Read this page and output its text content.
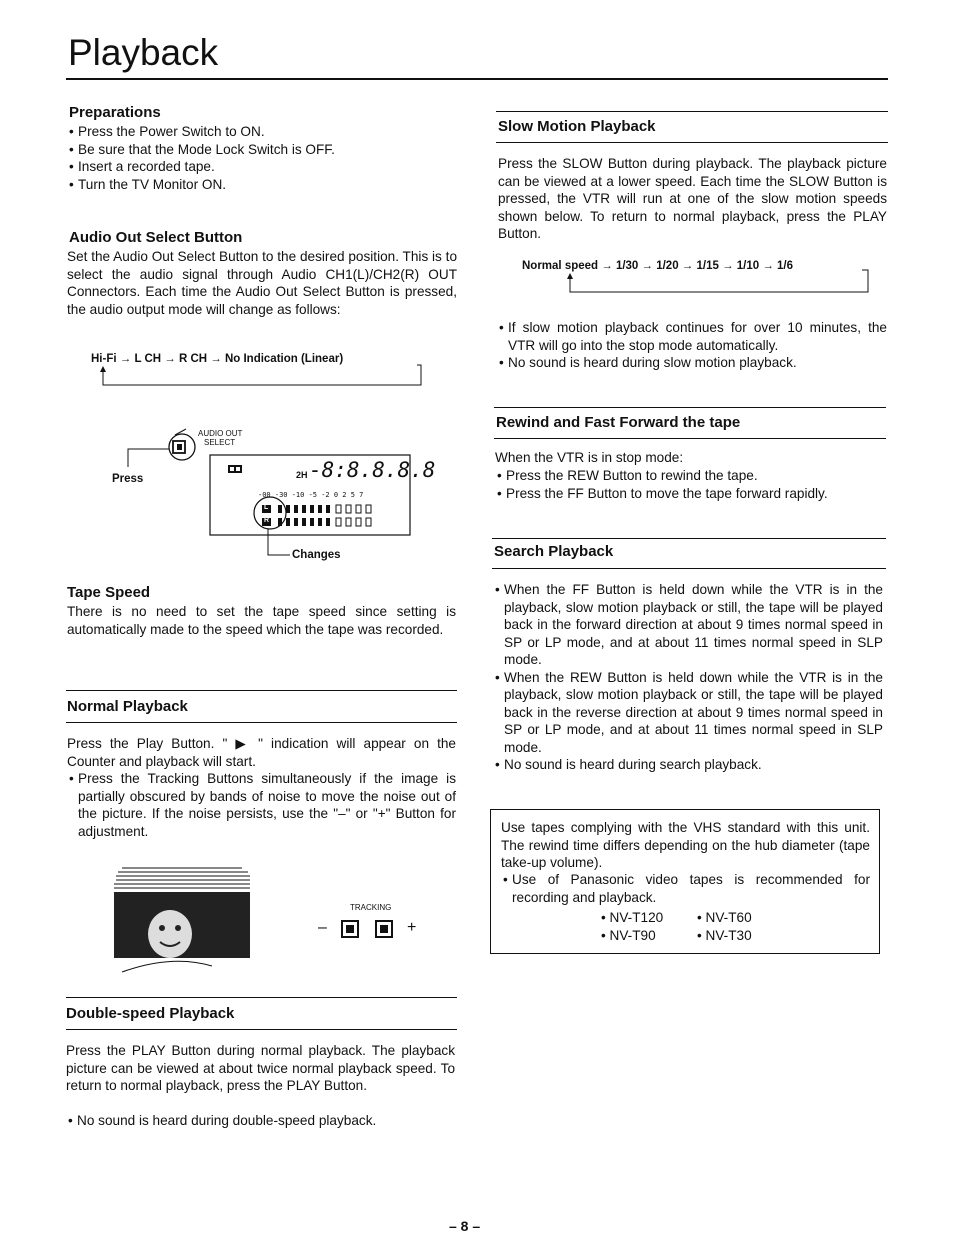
Playback
Preparations

• Press the Power Switch to ON.

• Be sure that the Mode Lock Switch is OFF.

• Insert a recorded tape.

• Turn the TV Monitor ON.

Audio Out Select Button
Set the Audio Out Select Button to the desired position. This is to select the audio signal through Audio CH1(L)/CH2(R) OUT Connectors. Each time the Audio Out Select Button is pressed, the audio output mode will change as follows:
Hi-Fi → L CH → R CH → No Indication (Linear)
AUDIO OUT
SELECT
Press	2H -8:8.8.8.8
-00 -30 -10 -5 -2 0 2 5 7
L
R
Changes
Tape Speed
There is no need to set the tape speed since setting is automatically made to the speed which the tape was recorded.
Normal Playback
Press the Play Button. " ▶ " indication will appear on the Counter and playback will start.

• Press the Tracking Buttons simultaneously if the image is partially obscured by bands of noise to move the noise out of the picture. If the noise persists, use the "–" or "+" Button for adjustment.

TRACKING
–	+
Double-speed Playback
Press the PLAY Button during normal playback. The playback picture can be viewed at about twice normal playback speed. To return to normal playback, press the PLAY Button.

• No sound is heard during double-speed playback.

Slow Motion Playback
Press the SLOW Button during playback. The playback picture can be viewed at a lower speed. Each time the SLOW Button is pressed, the VTR will run at one of the slow motion speeds shown below. To return to normal playback, press the PLAY Button.
Normal speed → 1/30 → 1/20 → 1/15 → 1/10 → 1/6

• If slow motion playback continues for over 10 minutes, the VTR will go into the stop mode automatically.

• No sound is heard during slow motion playback.

Rewind and Fast Forward the tape
When the VTR is in stop mode:

• Press the REW Button to rewind the tape.

• Press the FF Button to move the tape forward rapidly.

Search Playback

• When the FF Button is held down while the VTR is in the playback, slow motion playback or still, the tape will be played back in the forward direction at about 9 times normal speed in SP or LP mode, and at about 11 times normal speed in SLP mode.

• When the REW Button is held down while the VTR is in the playback, slow motion playback or still, the tape will be played back in the reverse direction at about 9 times normal speed in SP or LP mode, and at about 11 times normal speed in SLP mode.

• No sound is heard during search playback.

Use tapes complying with the VHS standard with this unit. The rewind time differs depending on the hub diameter (tape take-up volume).

• Use of Panasonic video tapes is recommended for recording and playback.

• NV-T120 • NV-T60
• NV-T90	• NV-T30
– 8 –
